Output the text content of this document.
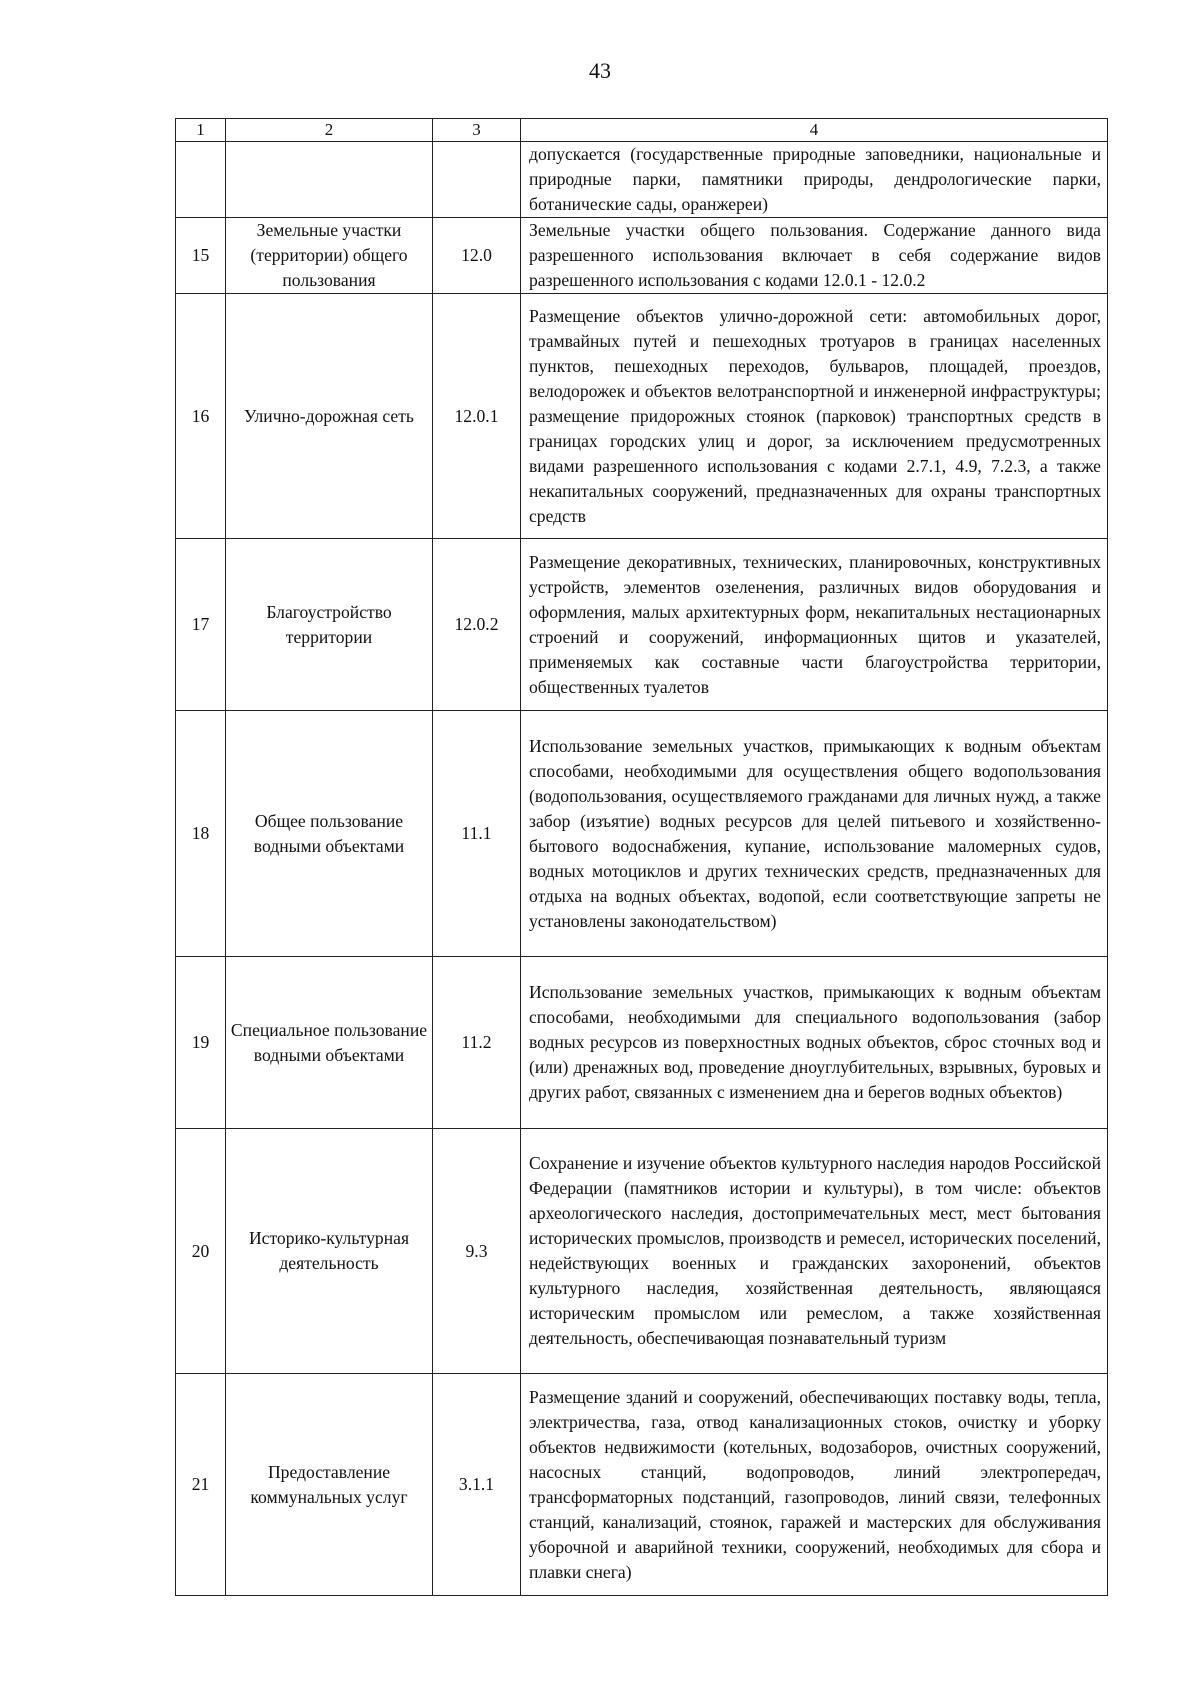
43
1	2	3	4
			допускается (государственные природные заповедники, национальные и природные парки, памятники природы, дендрологические парки, ботанические сады, оранжереи)
15	Земельные участки (территории) общего пользования	12.0	Земельные участки общего пользования. Содержание данного вида разрешенного использования включает в себя содержание видов разрешенного использования с кодами 12.0.1 - 12.0.2
16	Улично-дорожная сеть	12.0.1	Размещение объектов улично-дорожной сети: автомобильных дорог, трамвайных путей и пешеходных тротуаров в границах населенных пунктов, пешеходных переходов, бульваров, площадей, проездов, велодорожек и объектов велотранспортной и инженерной инфраструктуры; размещение придорожных стоянок (парковок) транспортных средств в границах городских улиц и дорог, за исключением предусмотренных видами разрешенного использования с кодами 2.7.1, 4.9, 7.2.3, а также некапитальных сооружений, предназначенных для охраны транспортных средств
17	Благоустройство территории	12.0.2	Размещение декоративных, технических, планировочных, конструктивных устройств, элементов озеленения, различных видов оборудования и оформления, малых архитектурных форм, некапитальных нестационарных строений и сооружений, информационных щитов и указателей, применяемых как составные части благоустройства территории, общественных туалетов
18	Общее пользование водными объектами	11.1	Использование земельных участков, примыкающих к водным объектам способами, необходимыми для осуществления общего водопользования (водопользования, осуществляемого гражданами для личных нужд, а также забор (изъятие) водных ресурсов для целей питьевого и хозяйственно-бытового водоснабжения, купание, использование маломерных судов, водных мотоциклов и других технических средств, предназначенных для отдыха на водных объектах, водопой, если соответствующие запреты не установлены законодательством)
19	Специальное пользование водными объектами	11.2	Использование земельных участков, примыкающих к водным объектам способами, необходимыми для специального водопользования (забор водных ресурсов из поверхностных водных объектов, сброс сточных вод и (или) дренажных вод, проведение дноуглубительных, взрывных, буровых и других работ, связанных с изменением дна и берегов водных объектов)
20	Историко-культурная деятельность	9.3	Сохранение и изучение объектов культурного наследия народов Российской Федерации (памятников истории и культуры), в том числе: объектов археологического наследия, достопримечательных мест, мест бытования исторических промыслов, производств и ремесел, исторических поселений, недействующих военных и гражданских захоронений, объектов культурного наследия, хозяйственная деятельность, являющаяся историческим промыслом или ремеслом, а также хозяйственная деятельность, обеспечивающая познавательный туризм
21	Предоставление коммунальных услуг	3.1.1	Размещение зданий и сооружений, обеспечивающих поставку воды, тепла, электричества, газа, отвод канализационных стоков, очистку и уборку объектов недвижимости (котельных, водозаборов, очистных сооружений, насосных станций, водопроводов, линий электропередач, трансформаторных подстанций, газопроводов, линий связи, телефонных станций, канализаций, стоянок, гаражей и мастерских для обслуживания уборочной и аварийной техники, сооружений, необходимых для сбора и плавки снега)
